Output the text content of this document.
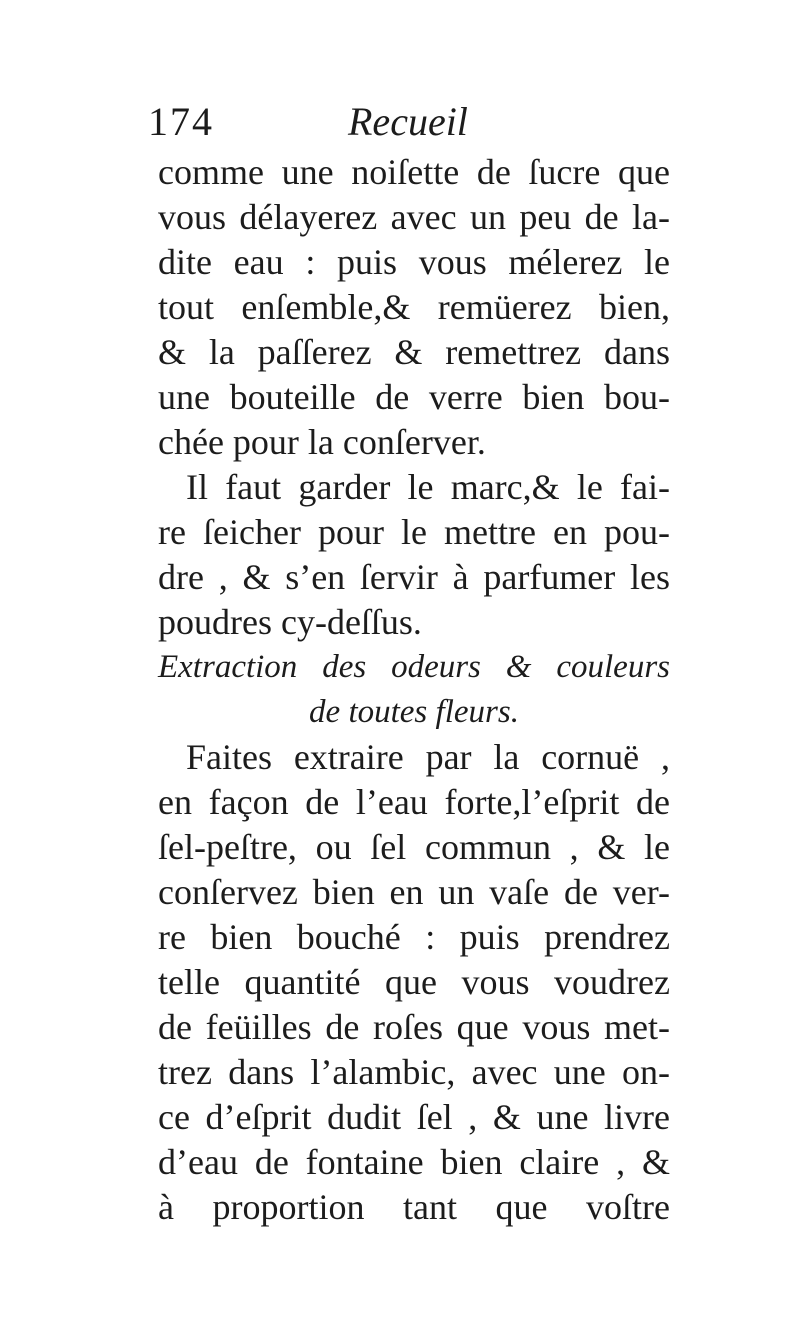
174	Recueil
comme une noiſette de ſucre que
vous délayerez avec un peu de la-
dite eau : puis vous mélerez le
tout enſemble,& remüerez bien,
& la paſſerez & remettrez dans
une bouteille de verre bien bou-
chée pour la conſerver.
Il faut garder le marc,& le fai-
re ſeicher pour le mettre en pou-
dre , & s’en ſervir à parfumer les
poudres cy-deſſus.
Extraction des odeurs & couleurs
de toutes fleurs.
Faites extraire par la cornuë ,
en façon de l’eau forte,l’eſprit de
ſel-peſtre, ou ſel commun , & le
conſervez bien en un vaſe de ver-
re bien bouché : puis prendrez
telle quantité que vous voudrez
de feüilles de roſes que vous met-
trez dans l’alambic, avec une on-
ce d’eſprit dudit ſel , & une livre
d’eau de fontaine bien claire , &
à proportion tant que voſtre
